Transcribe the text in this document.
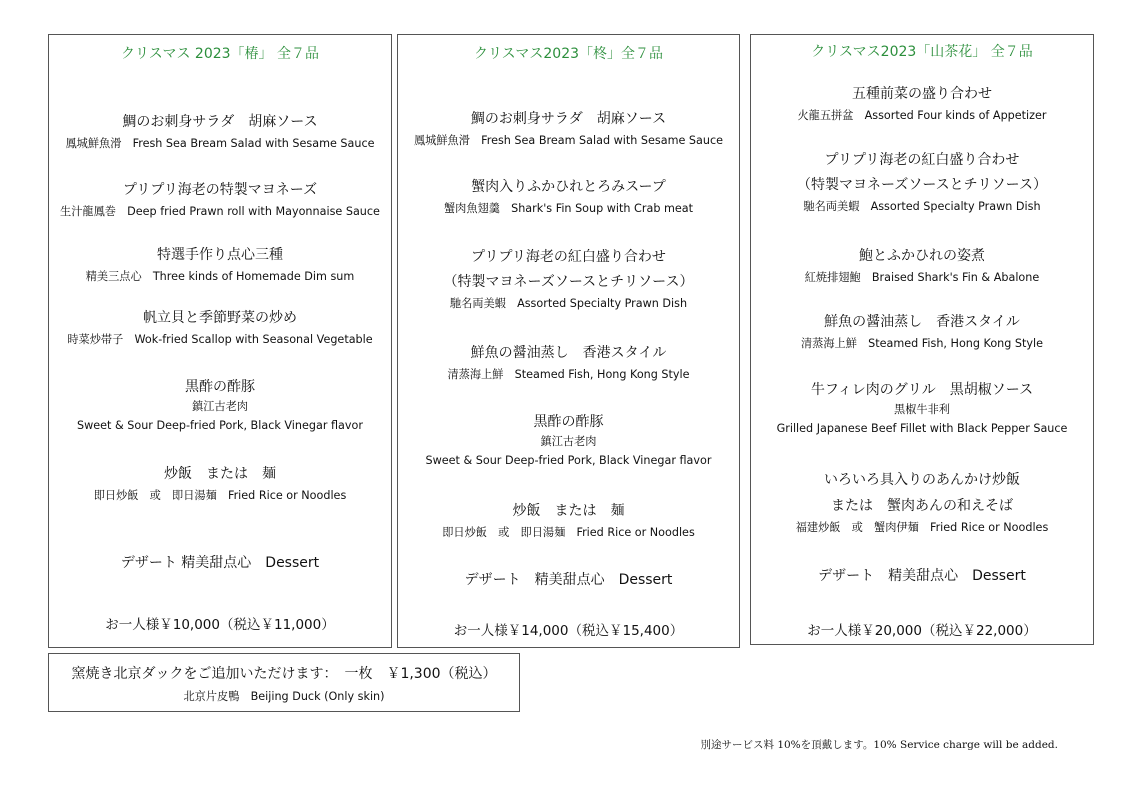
クリスマス 2023「椿」 全７品
鯛のお刺身サラダ　胡麻ソース
鳳城鮮魚滑　Fresh Sea Bream Salad with Sesame Sauce
プリプリ海老の特製マヨネーズ
生汁龍鳳巻　Deep fried Prawn roll with Mayonnaise Sauce
特選手作り点心三種
精美三点心　Three kinds of Homemade Dim sum
帆立貝と季節野菜の炒め
時菜炒帯子　Wok-fried Scallop with Seasonal Vegetable
黒酢の酢豚
鎮江古老肉
Sweet & Sour Deep-fried Pork, Black Vinegar flavor
炒飯　または　麺
即日炒飯　或　即日湯麺　Fried Rice or Noodles
デザート 精美甜点心　Dessert
お一人様￥10,000（税込￥11,000）
クリスマス2023「柊」全７品
鯛のお刺身サラダ　胡麻ソース
鳳城鮮魚滑　Fresh Sea Bream Salad with Sesame Sauce
蟹肉入りふかひれとろみスープ
蟹肉魚翅羹　Shark's Fin Soup with Crab meat
プリプリ海老の紅白盛り合わせ
（特製マヨネーズソースとチリソース）
馳名両美蝦　Assorted Specialty Prawn Dish
鮮魚の醤油蒸し　香港スタイル
清蒸海上鮮　Steamed Fish, Hong Kong Style
黒酢の酢豚
鎮江古老肉
Sweet & Sour Deep-fried Pork, Black Vinegar flavor
炒飯　または　麺
即日炒飯　或　即日湯麺　Fried Rice or Noodles
デザート　精美甜点心　Dessert
お一人様￥14,000（税込￥15,400）
クリスマス2023「山茶花」 全７品
五種前菜の盛り合わせ
火龍五拼盆　Assorted Four kinds of Appetizer
プリプリ海老の紅白盛り合わせ
（特製マヨネーズソースとチリソース）
馳名両美蝦　Assorted Specialty Prawn Dish
鮑とふかひれの姿煮
紅焼排翅鮑　Braised Shark's Fin & Abalone
鮮魚の醤油蒸し　香港スタイル
清蒸海上鮮　Steamed Fish, Hong Kong Style
牛フィレ肉のグリル　黒胡椒ソース
黒椒牛非利
Grilled Japanese Beef Fillet with Black Pepper Sauce
いろいろ具入りのあんかけ炒飯
または　蟹肉あんの和えそば
福建炒飯　或　蟹肉伊麺　Fried Rice or Noodles
デザート　精美甜点心　Dessert
お一人様￥20,000（税込￥22,000）
窯焼き北京ダックをご追加いただけます：　一枚　￥1,300（税込）
北京片皮鴨　Beijing Duck (Only skin)
別途サービス料 10%を頂戴します。10% Service charge will be added.
